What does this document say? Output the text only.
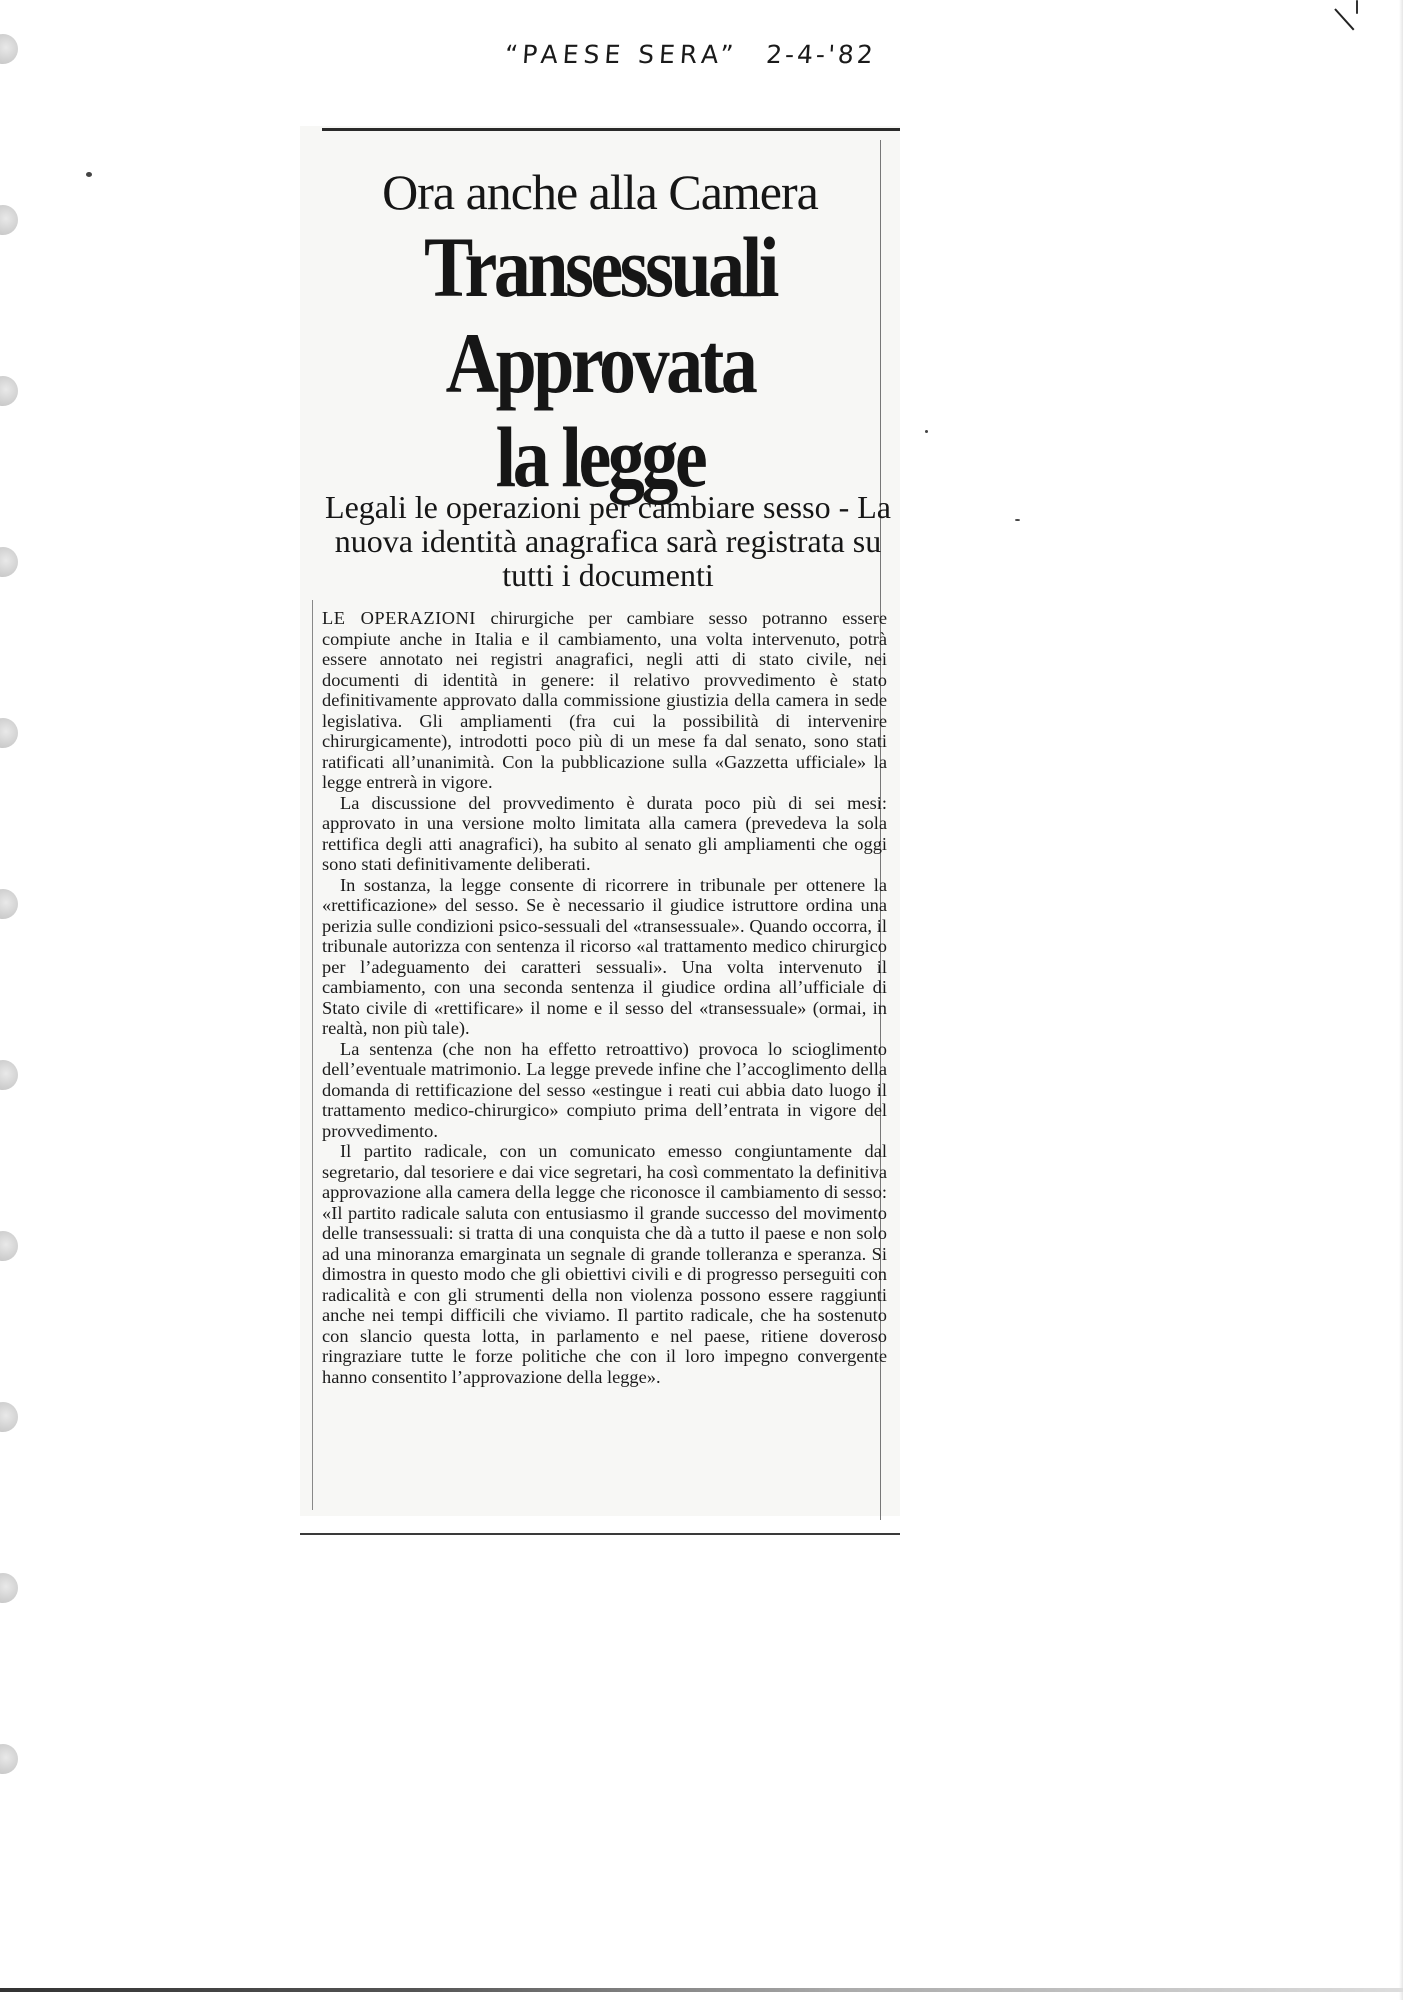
“PAESE SERA” 2-4-'82
Ora anche alla Camera
Transessuali
Approvata
la legge
Legali le operazioni per cambiare sesso - La nuova identità anagrafica sarà registrata su tutti i documenti

LE OPERAZIONI chirurgiche per cambiare sesso potranno essere compiute anche in Italia e il cambiamento, una volta intervenuto, potrà essere annotato nei registri anagrafici, negli atti di stato civile, nei documenti di identità in genere: il relativo provvedimento è stato definitivamente approvato dalla commissione giustizia della camera in sede legislativa. Gli ampliamenti (fra cui la possibilità di intervenire chirurgicamente), introdotti poco più di un mese fa dal senato, sono stati ratificati all’unanimità. Con la pubblicazione sulla «Gazzetta ufficiale» la legge entrerà in vigore.

La discussione del provvedimento è durata poco più di sei mesi: approvato in una versione molto limitata alla camera (prevedeva la sola rettifica degli atti anagrafici), ha subito al senato gli ampliamenti che oggi sono stati definitivamente deliberati.

In sostanza, la legge consente di ricorrere in tribunale per ottenere la «rettificazione» del sesso. Se è necessario il giudice istruttore ordina una perizia sulle condizioni psico-sessuali del «transessuale». Quando occorra, il tribunale autorizza con sentenza il ricorso «al trattamento medico chirurgico per l’adeguamento dei caratteri sessuali». Una volta intervenuto il cambiamento, con una seconda sentenza il giudice ordina all’ufficiale di Stato civile di «rettificare» il nome e il sesso del «transessuale» (ormai, in realtà, non più tale).

La sentenza (che non ha effetto retroattivo) provoca lo scioglimento dell’eventuale matrimonio. La legge prevede infine che l’accoglimento della domanda di rettificazione del sesso «estingue i reati cui abbia dato luogo il trattamento medico-chirurgico» compiuto prima dell’entrata in vigore del provvedimento.

Il partito radicale, con un comunicato emesso congiuntamente dal segretario, dal tesoriere e dai vice segretari, ha così commentato la definitiva approvazione alla camera della legge che riconosce il cambiamento di sesso: «Il partito radicale saluta con entusiasmo il grande successo del movimento delle transessuali: si tratta di una conquista che dà a tutto il paese e non solo ad una minoranza emarginata un segnale di grande tolleranza e speranza. Si dimostra in questo modo che gli obiettivi civili e di progresso perseguiti con radicalità e con gli strumenti della non violenza possono essere raggiunti anche nei tempi difficili che viviamo. Il partito radicale, che ha sostenuto con slancio questa lotta, in parlamento e nel paese, ritiene doveroso ringraziare tutte le forze politiche che con il loro impegno convergente hanno consentito l’approvazione della legge».
